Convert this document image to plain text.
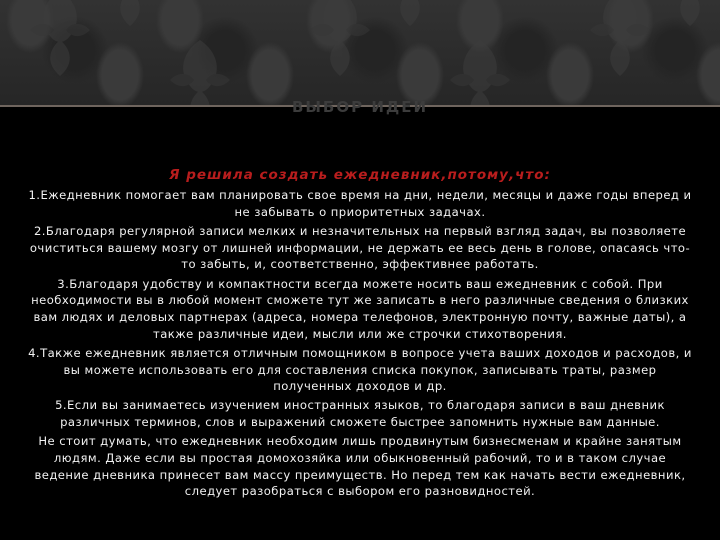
ВЫБОР ИДЕИ

Я решила создать ежедневник,потому,что:

1.Ежедневник помогает вам планировать свое время на дни, недели, месяцы и даже годы вперед и не забывать о приоритетных задачах.

2.Благодаря регулярной записи мелких и незначительных на первый взгляд задач, вы позволяете очиститься вашему мозгу от лишней информации, не держать ее весь день в голове, опасаясь что-то забыть, и, соответственно, эффективнее работать.

3.Благодаря удобству и компактности всегда можете носить ваш ежедневник с собой. При необходимости вы в любой момент сможете тут же записать в него различные сведения о близких вам людях и деловых партнерах (адреса, номера телефонов, электронную почту, важные даты), а также различные идеи, мысли или же строчки стихотворения.

4.Также ежедневник является отличным помощником в вопросе учета ваших доходов и расходов, и вы можете использовать его для составления списка покупок, записывать траты, размер полученных доходов и др.

5.Если вы занимаетесь изучением иностранных языков, то благодаря записи в ваш дневник различных терминов, слов и выражений сможете быстрее запомнить нужные вам данные.

Не стоит думать, что ежедневник необходим лишь продвинутым бизнесменам и крайне занятым людям. Даже если вы простая домохозяйка или обыкновенный рабочий, то и в таком случае ведение дневника принесет вам массу преимуществ. Но перед тем как начать вести ежедневник, следует разобраться с выбором его разновидностей.
